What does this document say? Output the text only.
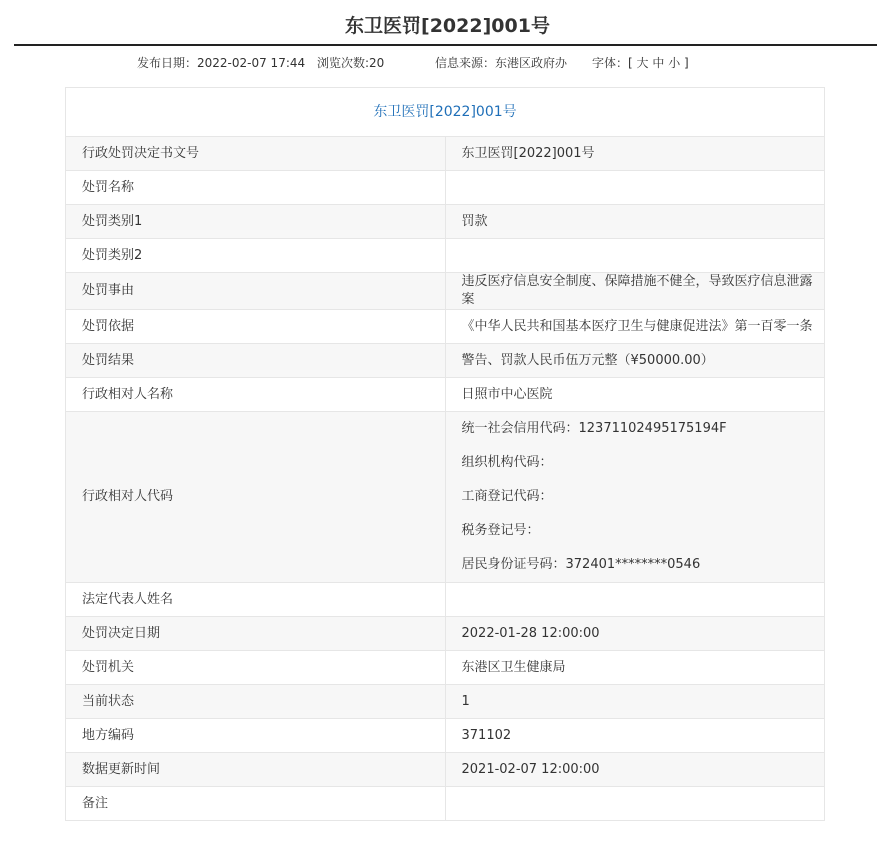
东卫医罚[2022]001号
发布日期：2022-02-07 17:44 浏览次数:20	信息来源：东港区政府办 字体：[ 大 中 小 ]
东卫医罚[2022]001号	
行政处罚决定书文号	东卫医罚[2022]001号
处罚名称	
处罚类别1	罚款
处罚类别2	
处罚事由	违反医疗信息安全制度、保障措施不健全，导致医疗信息泄露案
处罚依据	《中华人民共和国基本医疗卫生与健康促进法》第一百零一条
处罚结果	警告、罚款人民币伍万元整（¥50000.00）
行政相对人名称	日照市中心医院
行政相对人代码	统一社会信用代码：12371102495175194F
组织机构代码：
工商登记代码：
税务登记号：
居民身份证号码：372401********0546

法定代表人姓名	
处罚决定日期	2022-01-28 12:00:00
处罚机关	东港区卫生健康局
当前状态	1
地方编码	371102
数据更新时间	2021-02-07 12:00:00
备注	
